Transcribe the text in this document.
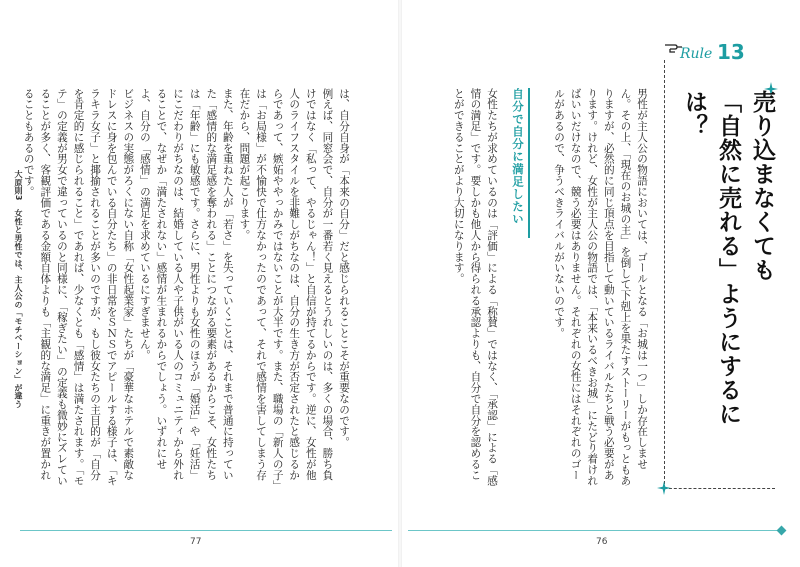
大原則3　女性と男性では、主人公の「モチベーション」が違う	は、自分自身が「本来の自分」だと感じられることこそが重要なのです。

例えば、同窓会で、自分が一番若く見えるとうれしいのは、多くの場合、勝ち負けではなく「私って、やるじゃん！」と自信が持てるからです。逆に、女性が他人のライフスタイルを非難しがちなのは、自分の生き方が否定されたと感じるからであって、嫉妬ややっかみではないことが大半です。また、職場の「新人の子」は「お局様」が不愉快で仕方なかったのであって、それで感情を害してしまう存在だから、問題が起こります。

また、年齢を重ねた人が「若さ」を失っていくことは、それまで普通に持っていた「感情的な満足感を奪われる」ことにつながる要素があるからこそ、女性たちは「年齢」にも敏感です。さらに、男性よりも女性のほうが「婚活」や「妊活」にこだわりがちなのは、結婚している人や子供がいる人のコミュニティから外れることで、なぜか「満たされない」感情が生まれるからでしょう。いずれにせよ、自分の「感情」の満足を求めているにすぎません。

ビジネスの実態がろくにない自称「女性起業家」たちが「豪華なホテルで素敵なドレスに身を包んでいる自分たち」の非日常をＳＮＳでアピールする様子は、「キラキラ女子」と揶揄されることが多いのですが、もし彼女たちの主目的が「自分を肯定的に感じられること」であれば、少なくとも「感情」は満たされます。「モテ」の定義が男女で違っているのと同様に、「稼ぎたい」の定義も微妙にズレていることが多く、客観評価である金額自体よりも「主観的な満足」に重きが置かれることもあるのです。

77

男性が主人公の物語においては、ゴールとなる「お城は一つ」しか存在しません。その上、「現在のお城の主」を倒して下剋上を果たすストーリーがもっともありますが、必然的に同じ頂点を目指して動いているライバルたちと戦う必要があります。けれど、女性が主人公の物語では、「本来いるべきお城」にたどり着ければいいだけなので、競う必要はありません。それぞれの女性にはそれぞれのゴールがあるので、争うべきライバルがいないのです。

自分で自分に満足したい

女性たちが求めているのは「評価」による「称賛」ではなく、「承認」による「感情の満足」です。要しかも他人から得られる承認よりも、自分で自分を認めることができることがより大切になります。

Rule 13
売り込まなくても
「自然に売れる」ようにするには？
76
